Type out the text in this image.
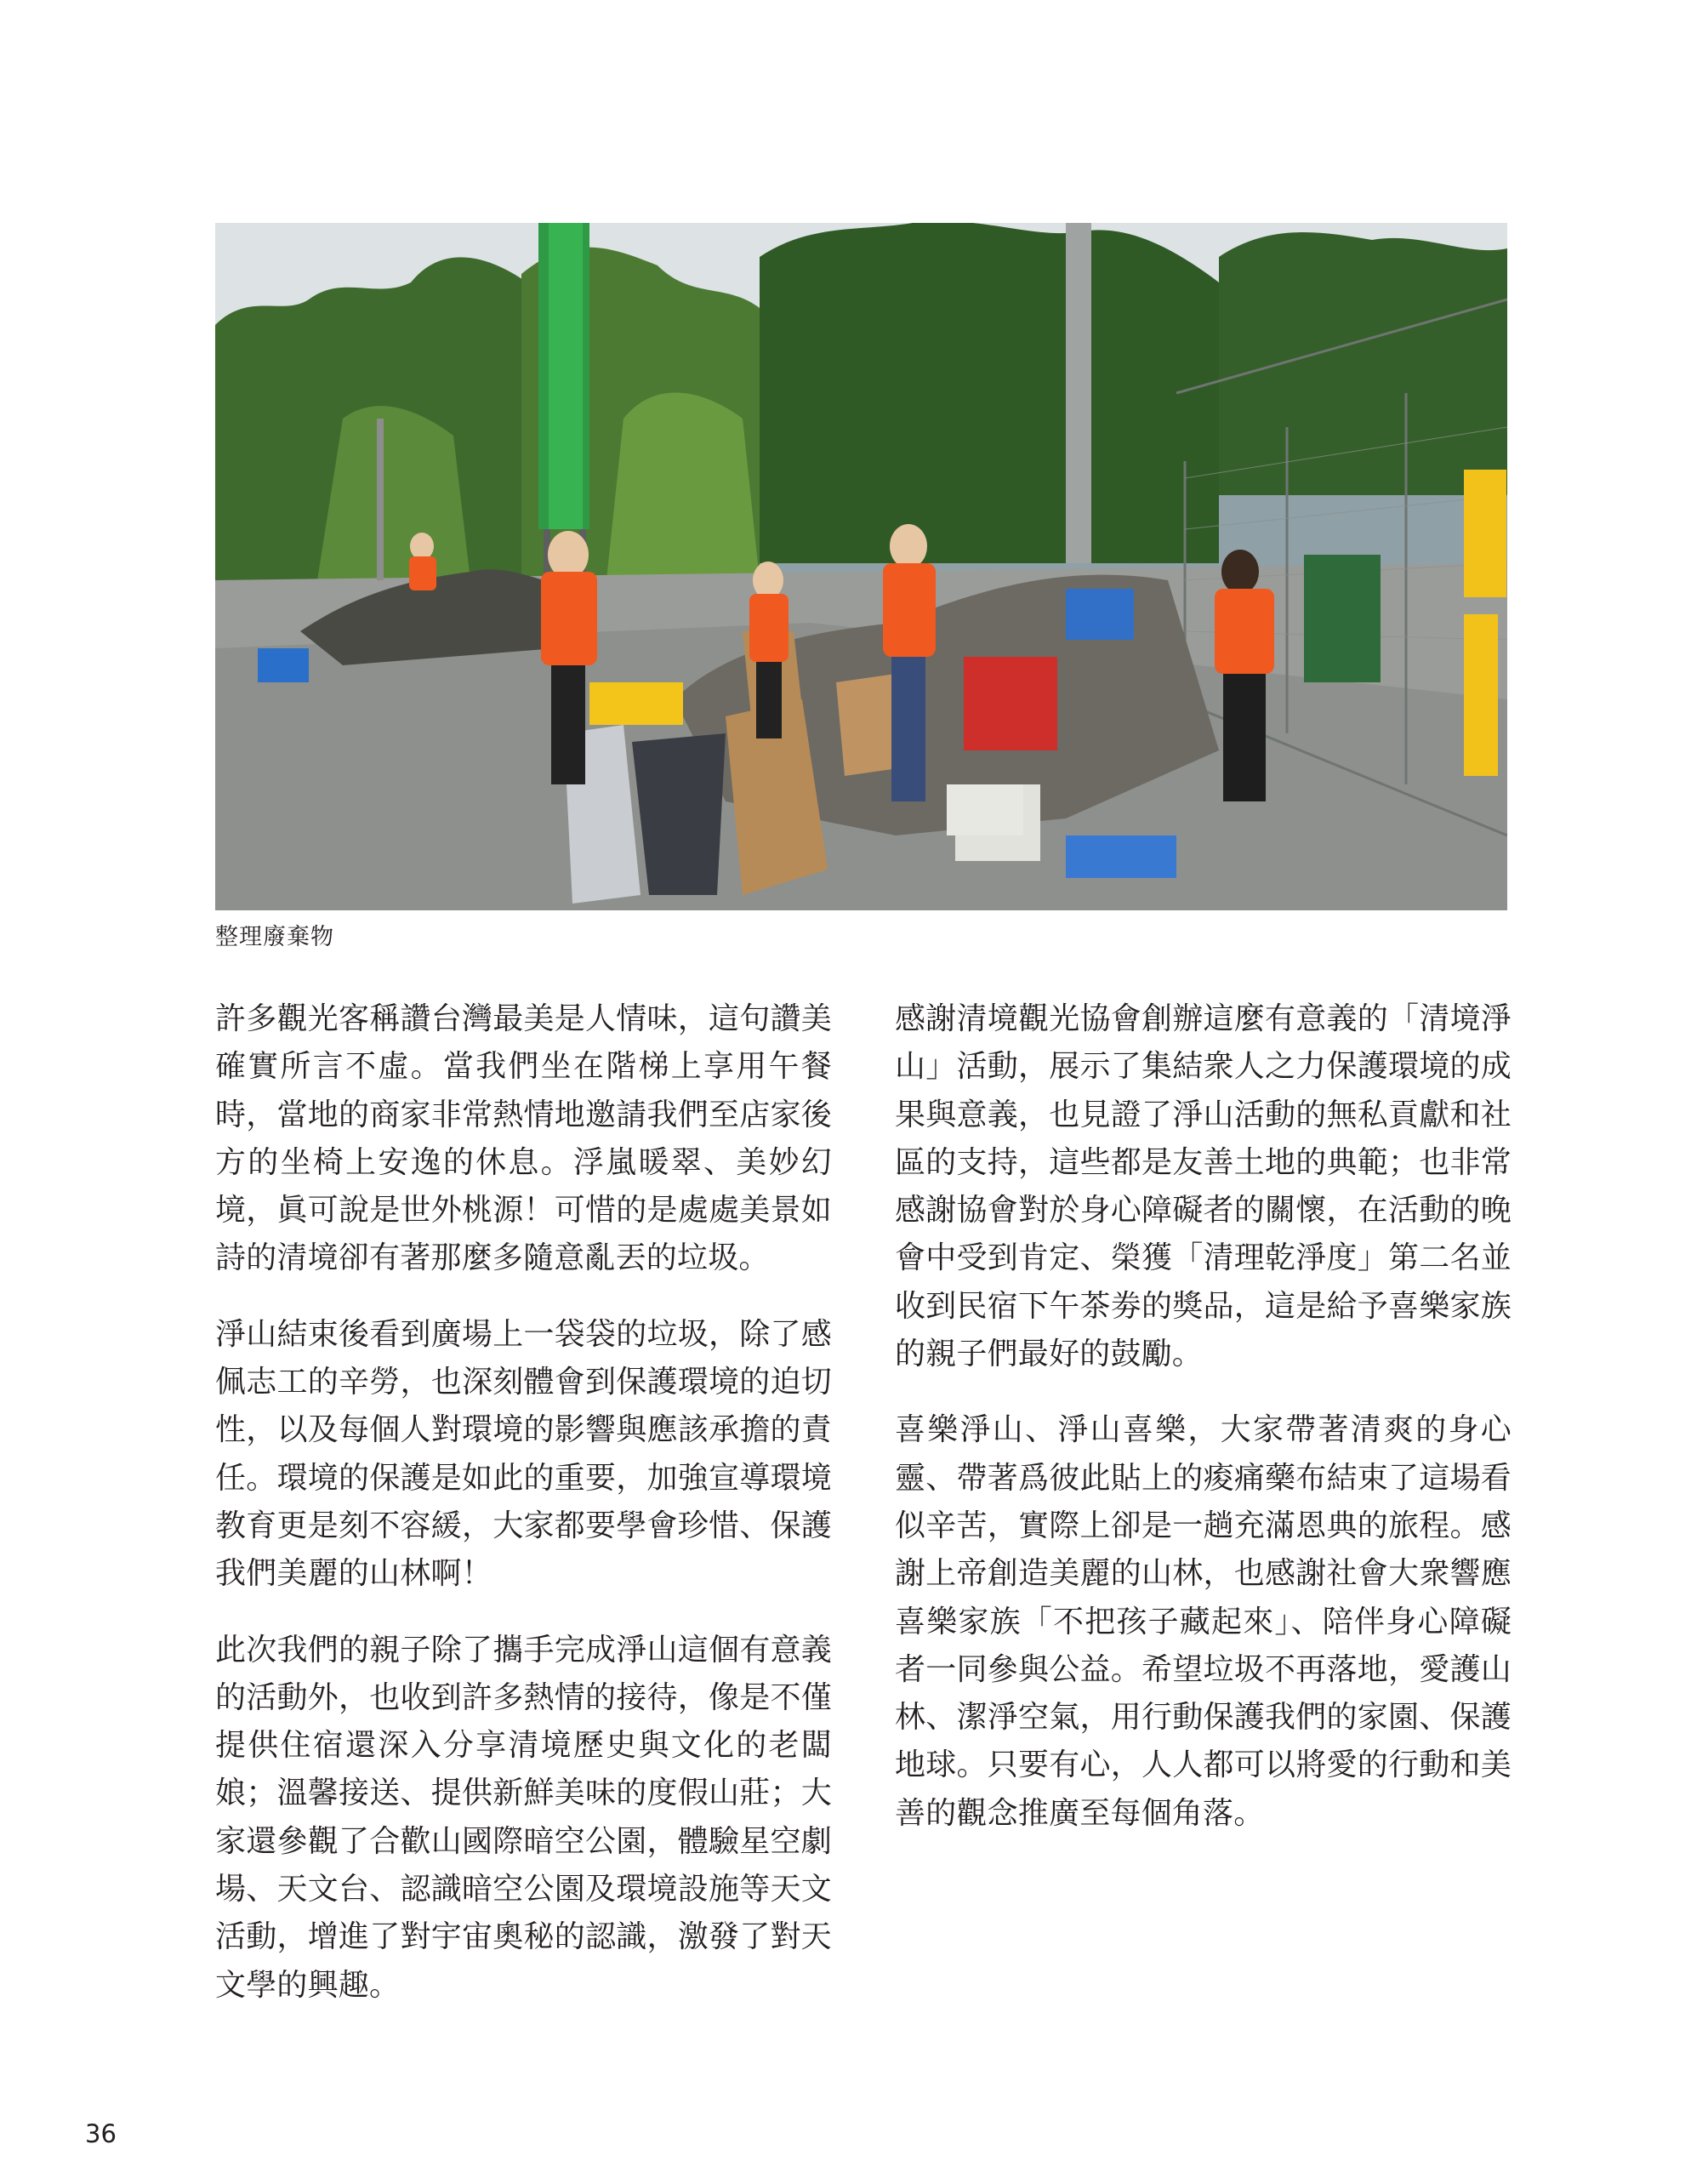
整理廢棄物

許多觀光客稱讚台灣最美是人情味，這句讚美確實所言不虛。當我們坐在階梯上享用午餐時，當地的商家非常熱情地邀請我們至店家後方的坐椅上安逸的休息。浮嵐暖翠、美妙幻境，眞可說是世外桃源！可惜的是處處美景如詩的清境卻有著那麼多隨意亂丟的垃圾。

淨山結束後看到廣場上一袋袋的垃圾，除了感佩志工的辛勞，也深刻體會到保護環境的迫切性，以及每個人對環境的影響與應該承擔的責任。環境的保護是如此的重要，加強宣導環境教育更是刻不容緩，大家都要學會珍惜、保護我們美麗的山林啊！

此次我們的親子除了攜手完成淨山這個有意義的活動外，也收到許多熱情的接待，像是不僅提供住宿還深入分享清境歷史與文化的老闆娘；溫馨接送、提供新鮮美味的度假山莊；大家還參觀了合歡山國際暗空公園，體驗星空劇場、天文台、認識暗空公園及環境設施等天文活動，增進了對宇宙奧秘的認識，激發了對天文學的興趣。

感謝清境觀光協會創辦這麼有意義的「清境淨山」活動，展示了集結衆人之力保護環境的成果與意義，也見證了淨山活動的無私貢獻和社區的支持，這些都是友善土地的典範；也非常感謝協會對於身心障礙者的關懷，在活動的晚會中受到肯定、榮獲「清理乾淨度」第二名並收到民宿下午茶劵的獎品，這是給予喜樂家族的親子們最好的鼓勵。

喜樂淨山、淨山喜樂，大家帶著清爽的身心靈、帶著爲彼此貼上的痠痛藥布結束了這場看似辛苦，實際上卻是一趟充滿恩典的旅程。感謝上帝創造美麗的山林，也感謝社會大衆響應喜樂家族「不把孩子藏起來」、陪伴身心障礙者一同參與公益。希望垃圾不再落地，愛護山林、潔淨空氣，用行動保護我們的家園、保護地球。只要有心，人人都可以將愛的行動和美善的觀念推廣至每個角落。

36
